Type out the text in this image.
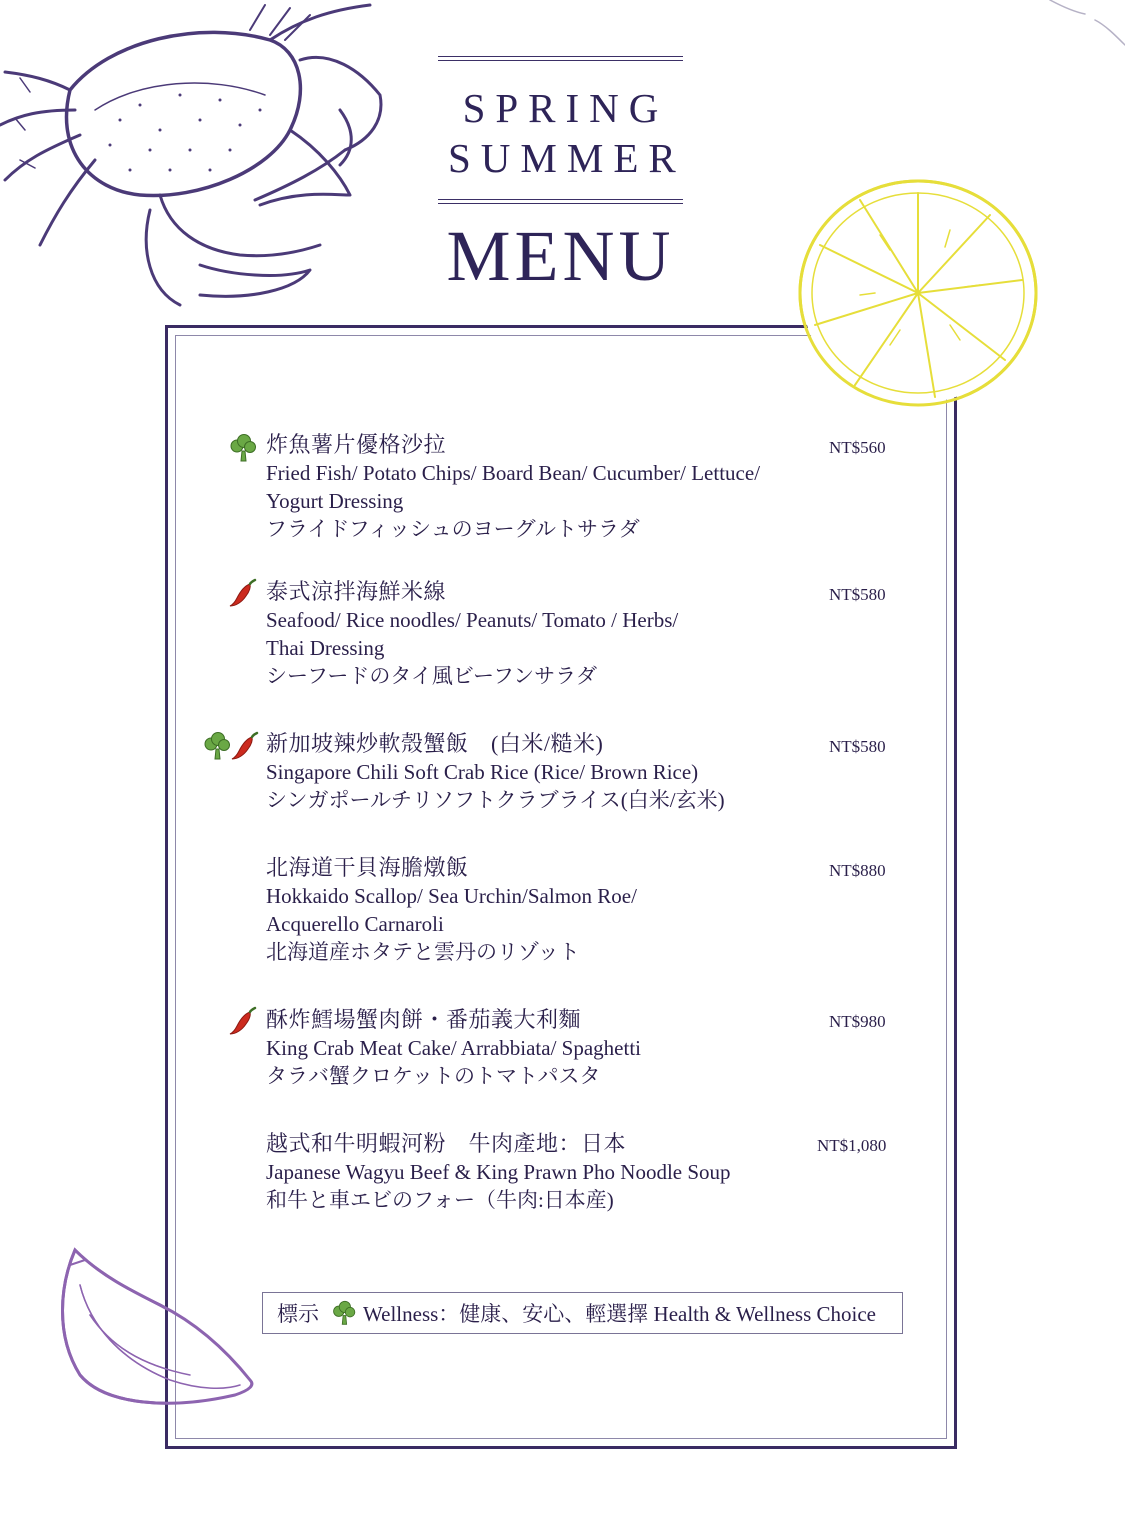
SPRING
SUMMER
MENU
炸魚薯片優格沙拉
Fried Fish/ Potato Chips/ Board Bean/ Cucumber/ Lettuce/
Yogurt Dressing
フライドフィッシュのヨーグルトサラダ
NT$560
泰式涼拌海鮮米線
Seafood/ Rice noodles/ Peanuts/ Tomato / Herbs/
Thai Dressing
シーフードのタイ風ビーフンサラダ
NT$580
新加坡辣炒軟殼蟹飯　(白米/糙米)
Singapore Chili Soft Crab Rice (Rice/ Brown Rice)
シンガポールチリソフトクラブライス(白米/玄米)
NT$580
北海道干貝海膽燉飯
Hokkaido Scallop/ Sea Urchin/Salmon Roe/
Acquerello Carnaroli
北海道産ホタテと雲丹のリゾット
NT$880
酥炸鱈場蟹肉餅・番茄義大利麵
King Crab Meat Cake/ Arrabbiata/ Spaghetti
タラバ蟹クロケットのトマトパスタ
NT$980
越式和牛明蝦河粉　牛肉產地：日本
Japanese Wagyu Beef & King Prawn Pho Noodle Soup
和牛と車エビのフォー（牛肉:日本産)
NT$1,080
標示 Wellness：健康、安心、輕選擇 Health & Wellness Choice
